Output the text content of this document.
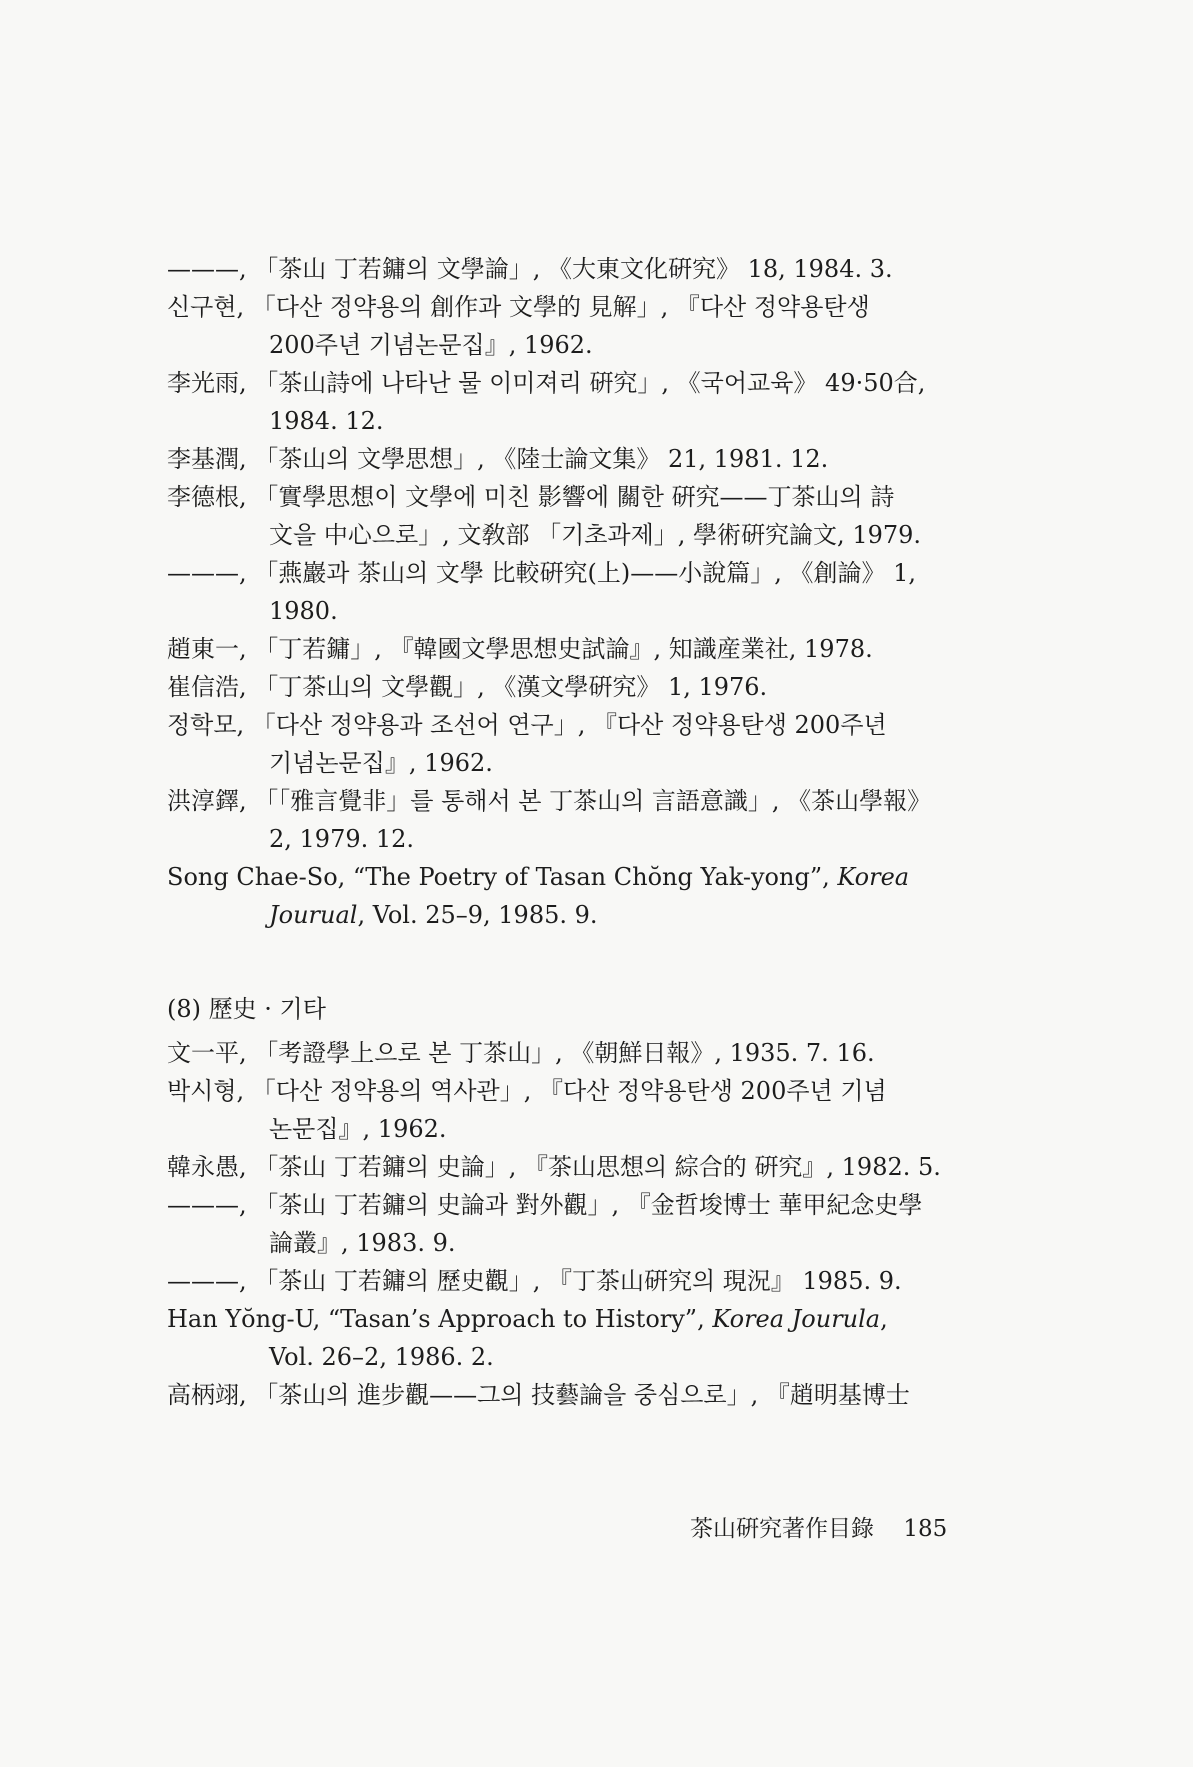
———, 「茶山 丁若鏞의 文學論」, 《大東文化硏究》 18, 1984. 3.
신구현, 「다산 정약용의 創作과 文學的 見解」, 『다산 정약용탄생
200주년 기념논문집』, 1962.
李光雨, 「茶山詩에 나타난 물 이미져리 硏究」, 《국어교육》 49·50合,
1984. 12.
李基潤, 「茶山의 文學思想」, 《陸士論文集》 21, 1981. 12.
李德根, 「實學思想이 文學에 미친 影響에 關한 硏究——丁茶山의 詩
文을 中心으로」, 文敎部 「기초과제」, 學術硏究論文, 1979.
———, 「燕巖과 茶山의 文學 比較硏究(上)——小說篇」, 《創論》 1,
1980.
趙東一, 「丁若鏞」, 『韓國文學思想史試論』, 知識産業社, 1978.
崔信浩, 「丁茶山의 文學觀」, 《漢文學硏究》 1, 1976.
정학모, 「다산 정약용과 조선어 연구」, 『다산 정약용탄생 200주년
기념논문집』, 1962.
洪淳鐸, 「「雅言覺非」를 통해서 본 丁茶山의 言語意識」, 《茶山學報》
2, 1979. 12.
Song Chae-So, “The Poetry of Tasan Chŏng Yak-yong”, Korea
Jourual, Vol. 25–9, 1985. 9.
(8) 歷史 · 기타
文一平, 「考證學上으로 본 丁茶山」, 《朝鮮日報》, 1935. 7. 16.
박시형, 「다산 정약용의 역사관」, 『다산 정약용탄생 200주년 기념
논문집』, 1962.
韓永愚, 「茶山 丁若鏞의 史論」, 『茶山思想의 綜合的 硏究』, 1982. 5.
———, 「茶山 丁若鏞의 史論과 對外觀」, 『金哲埈博士 華甲紀念史學
論叢』, 1983. 9.
———, 「茶山 丁若鏞의 歷史觀」, 『丁茶山硏究의 現況』 1985. 9.
Han Yŏng-U, “Tasan’s Approach to History”, Korea Jourula,
Vol. 26–2, 1986. 2.
高柄翊, 「茶山의 進步觀——그의 技藝論을 중심으로」, 『趙明基博士
茶山硏究著作目錄 185
